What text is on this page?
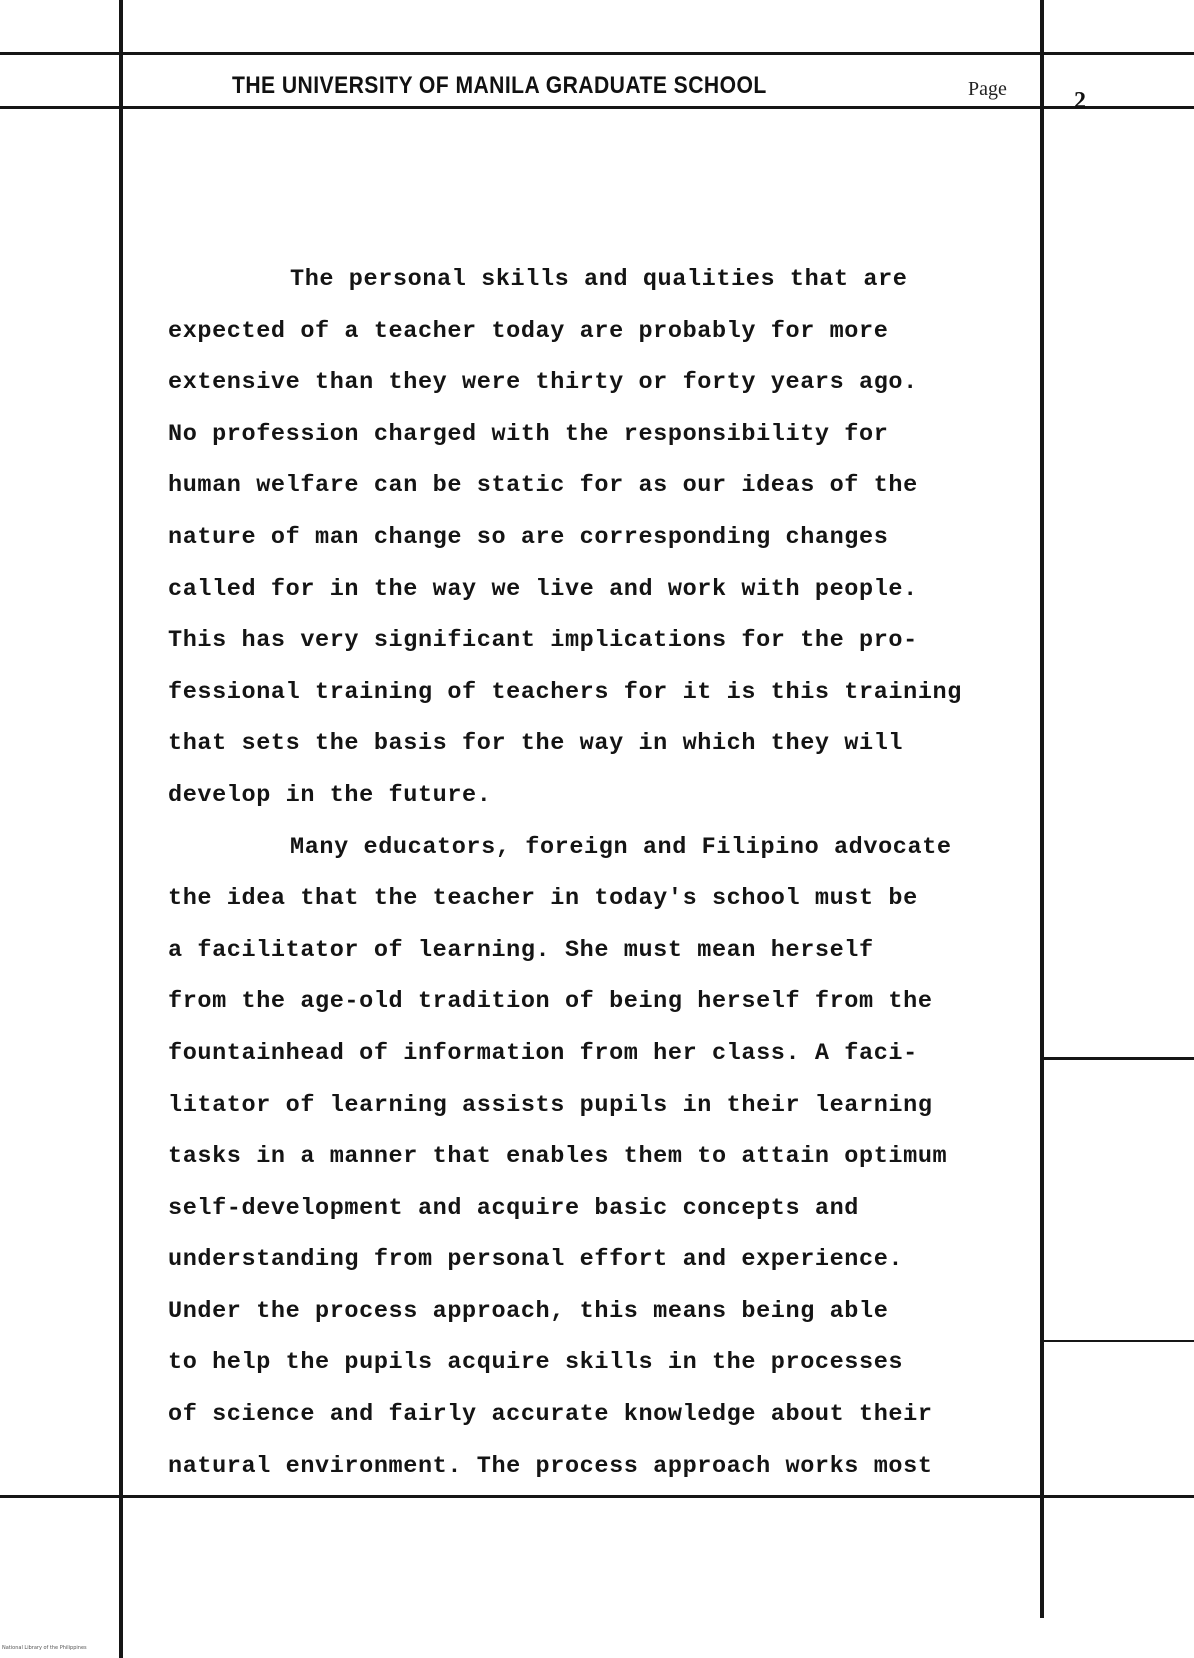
THE UNIVERSITY OF MANILA GRADUATE SCHOOL	Page	2
The personal skills and qualities that are
expected of a teacher today are probably for more
extensive than they were thirty or forty years ago.
No profession charged with the responsibility for
human welfare can be static for as our ideas of the
nature of man change so are corresponding changes
called for in the way we live and work with people.
This has very significant implications for the pro-
fessional training of teachers for it is this training
that sets the basis for the way in which they will
develop in the future.
Many educators, foreign and Filipino advocate
the idea that the teacher in today's school must be
a facilitator of learning. She must mean herself
from the age-old tradition of being herself from the
fountainhead of information from her class. A faci-
litator of learning assists pupils in their learning
tasks in a manner that enables them to attain optimum
self-development and acquire basic concepts and
understanding from personal effort and experience.
Under the process approach, this means being able
to help the pupils acquire skills in the processes
of science and fairly accurate knowledge about their
natural environment. The process approach works most
National Library of the Philippines
